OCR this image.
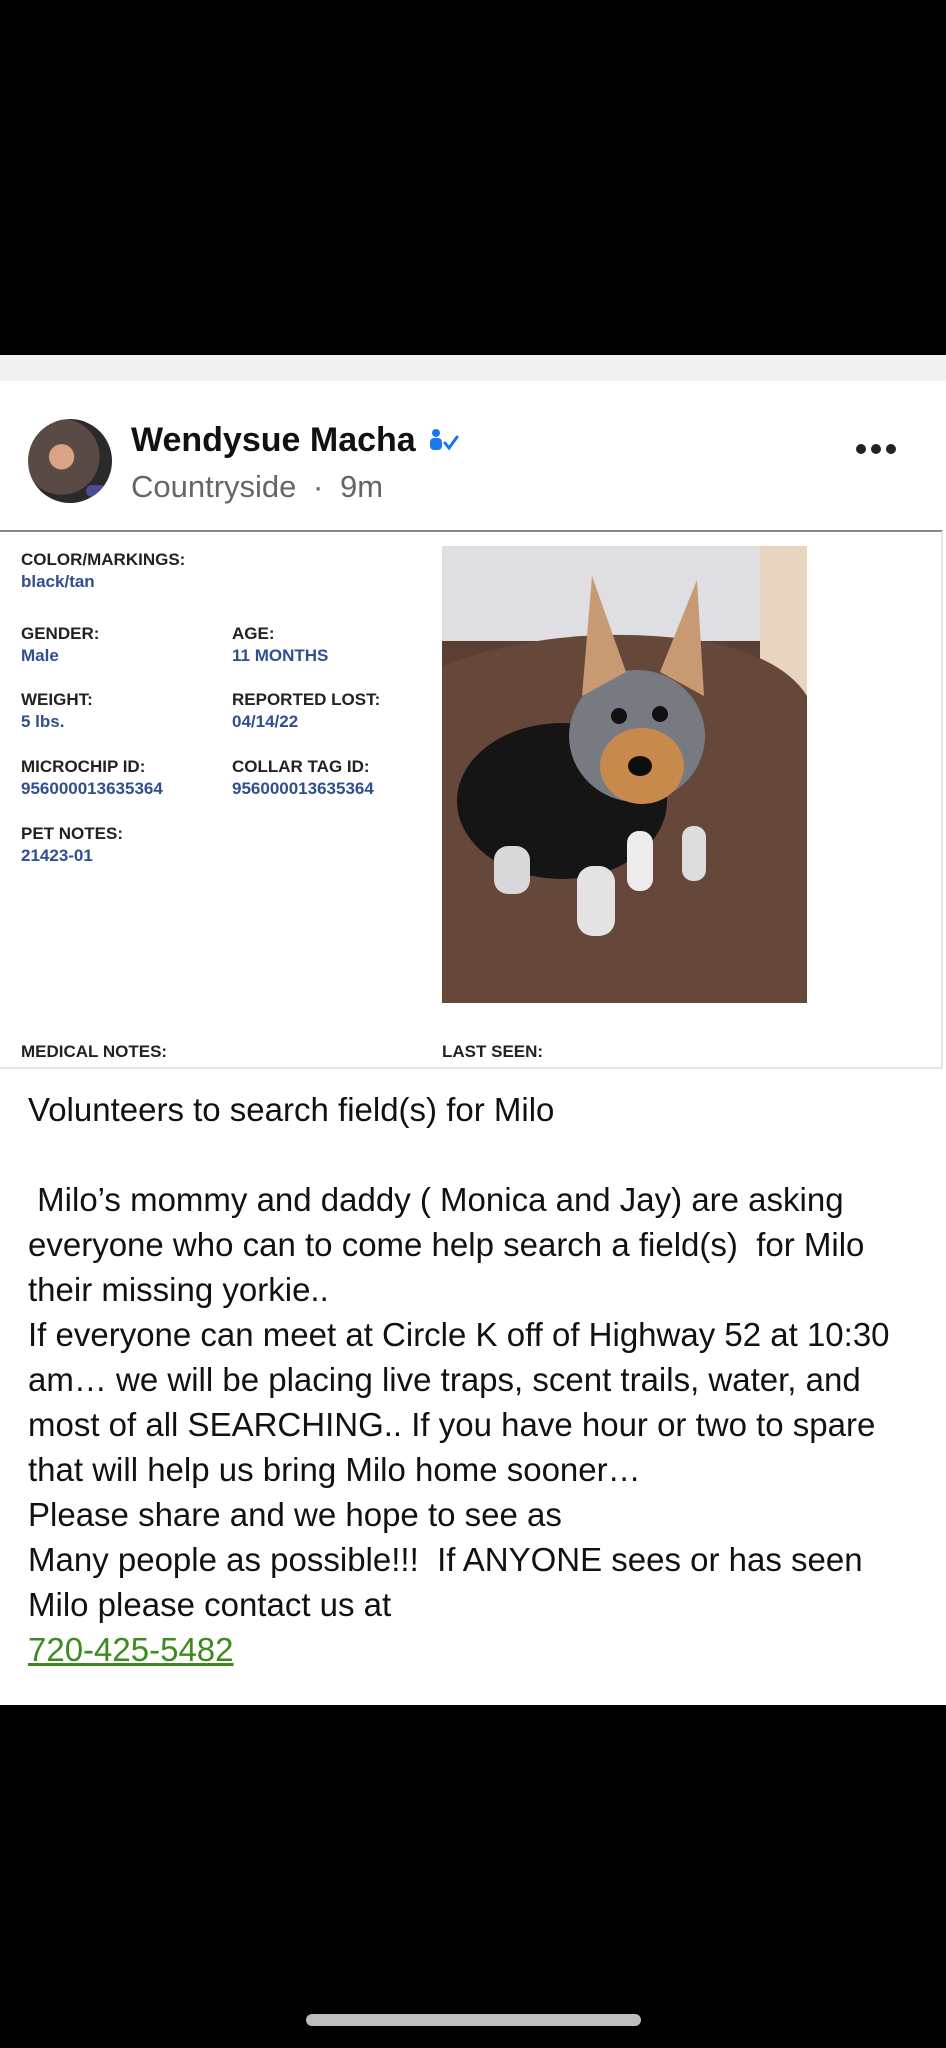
Wendysue Macha
Countryside · 9m
COLOR/MARKINGS:
black/tan
GENDER:
Male
AGE:
11 MONTHS
WEIGHT:
5 lbs.
REPORTED LOST:
04/14/22
MICROCHIP ID:
956000013635364
COLLAR TAG ID:
956000013635364
PET NOTES:
21423-01
MEDICAL NOTES:	LAST SEEN:
Volunteers to search field(s) for Milo

Milo’s mommy and daddy ( Monica and Jay) are asking everyone who can to come help search a field(s)  for Milo their missing yorkie..
If everyone can meet at Circle K off of Highway 52 at 10:30 am… we will be placing live traps, scent trails, water, and most of all SEARCHING.. If you have hour or two to spare that will help us bring Milo home sooner…
Please share and we hope to see as
Many people as possible!!!  If ANYONE sees or has seen Milo please contact us at
720-425-5482
